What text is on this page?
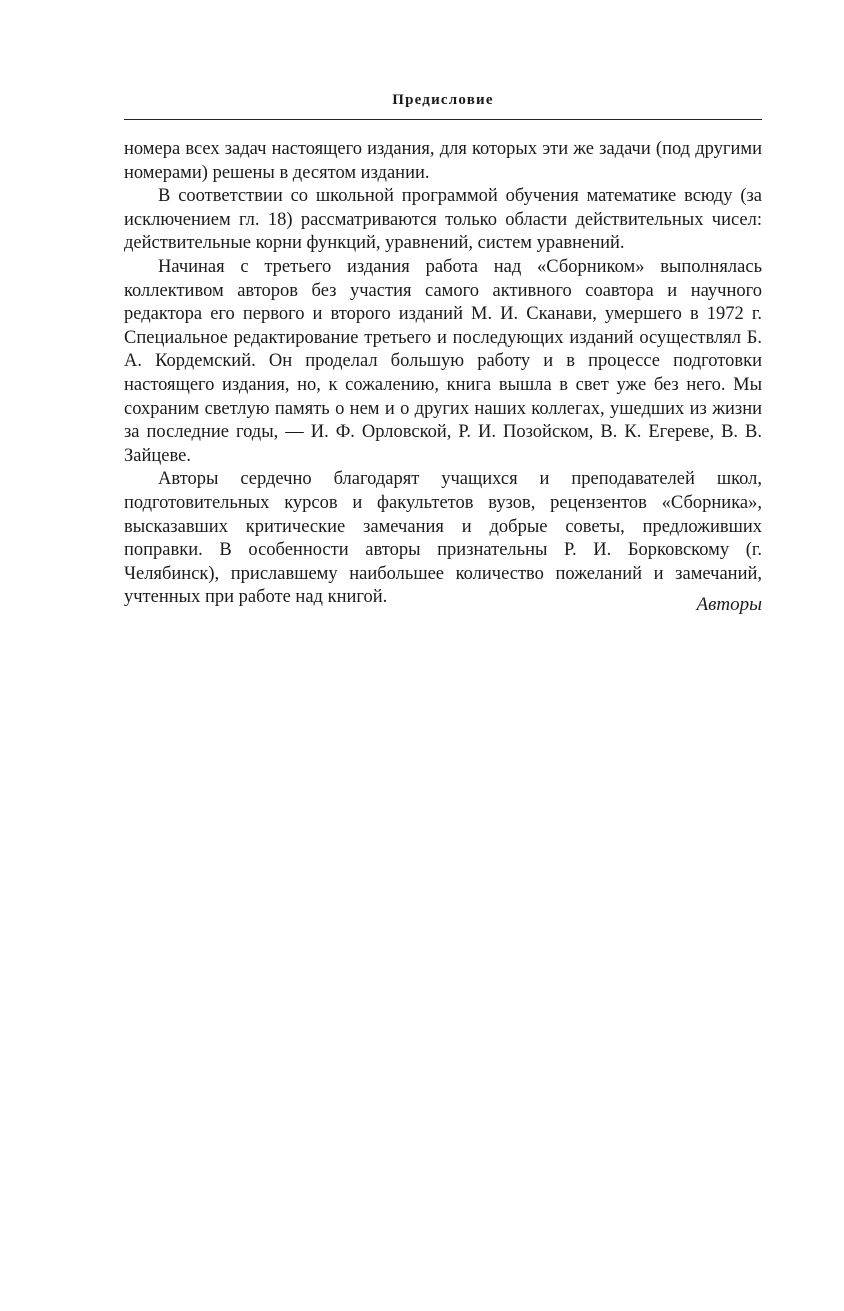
Предисловие

номера всех задач настоящего издания, для которых эти же задачи (под другими номерами) решены в десятом издании.

В соответствии со школьной программой обучения математике всюду (за исключением гл. 18) рассматриваются только области действительных чисел: действительные корни функций, уравнений, систем уравнений.

Начиная с третьего издания работа над «Сборником» выполнялась коллективом авторов без участия самого активного соавтора и научного редактора его первого и второго изданий М. И. Сканави, умершего в 1972 г. Специальное редактирование третьего и последующих изданий осуществлял Б. А. Кордемский. Он проделал большую работу и в процессе подготовки настоящего издания, но, к сожалению, книга вышла в свет уже без него. Мы сохраним светлую память о нем и о других наших коллегах, ушедших из жизни за последние годы, — И. Ф. Орловской, Р. И. Позойском, В. К. Егереве, В. В. Зайцеве.

Авторы сердечно благодарят учащихся и преподавателей школ, подготовительных курсов и факультетов вузов, рецензентов «Сборника», высказавших критические замечания и добрые советы, предложивших поправки. В особенности авторы признательны Р. И. Борковскому (г. Челябинск), приславшему наибольшее количество пожеланий и замечаний, учтенных при работе над книгой.	Авторы
